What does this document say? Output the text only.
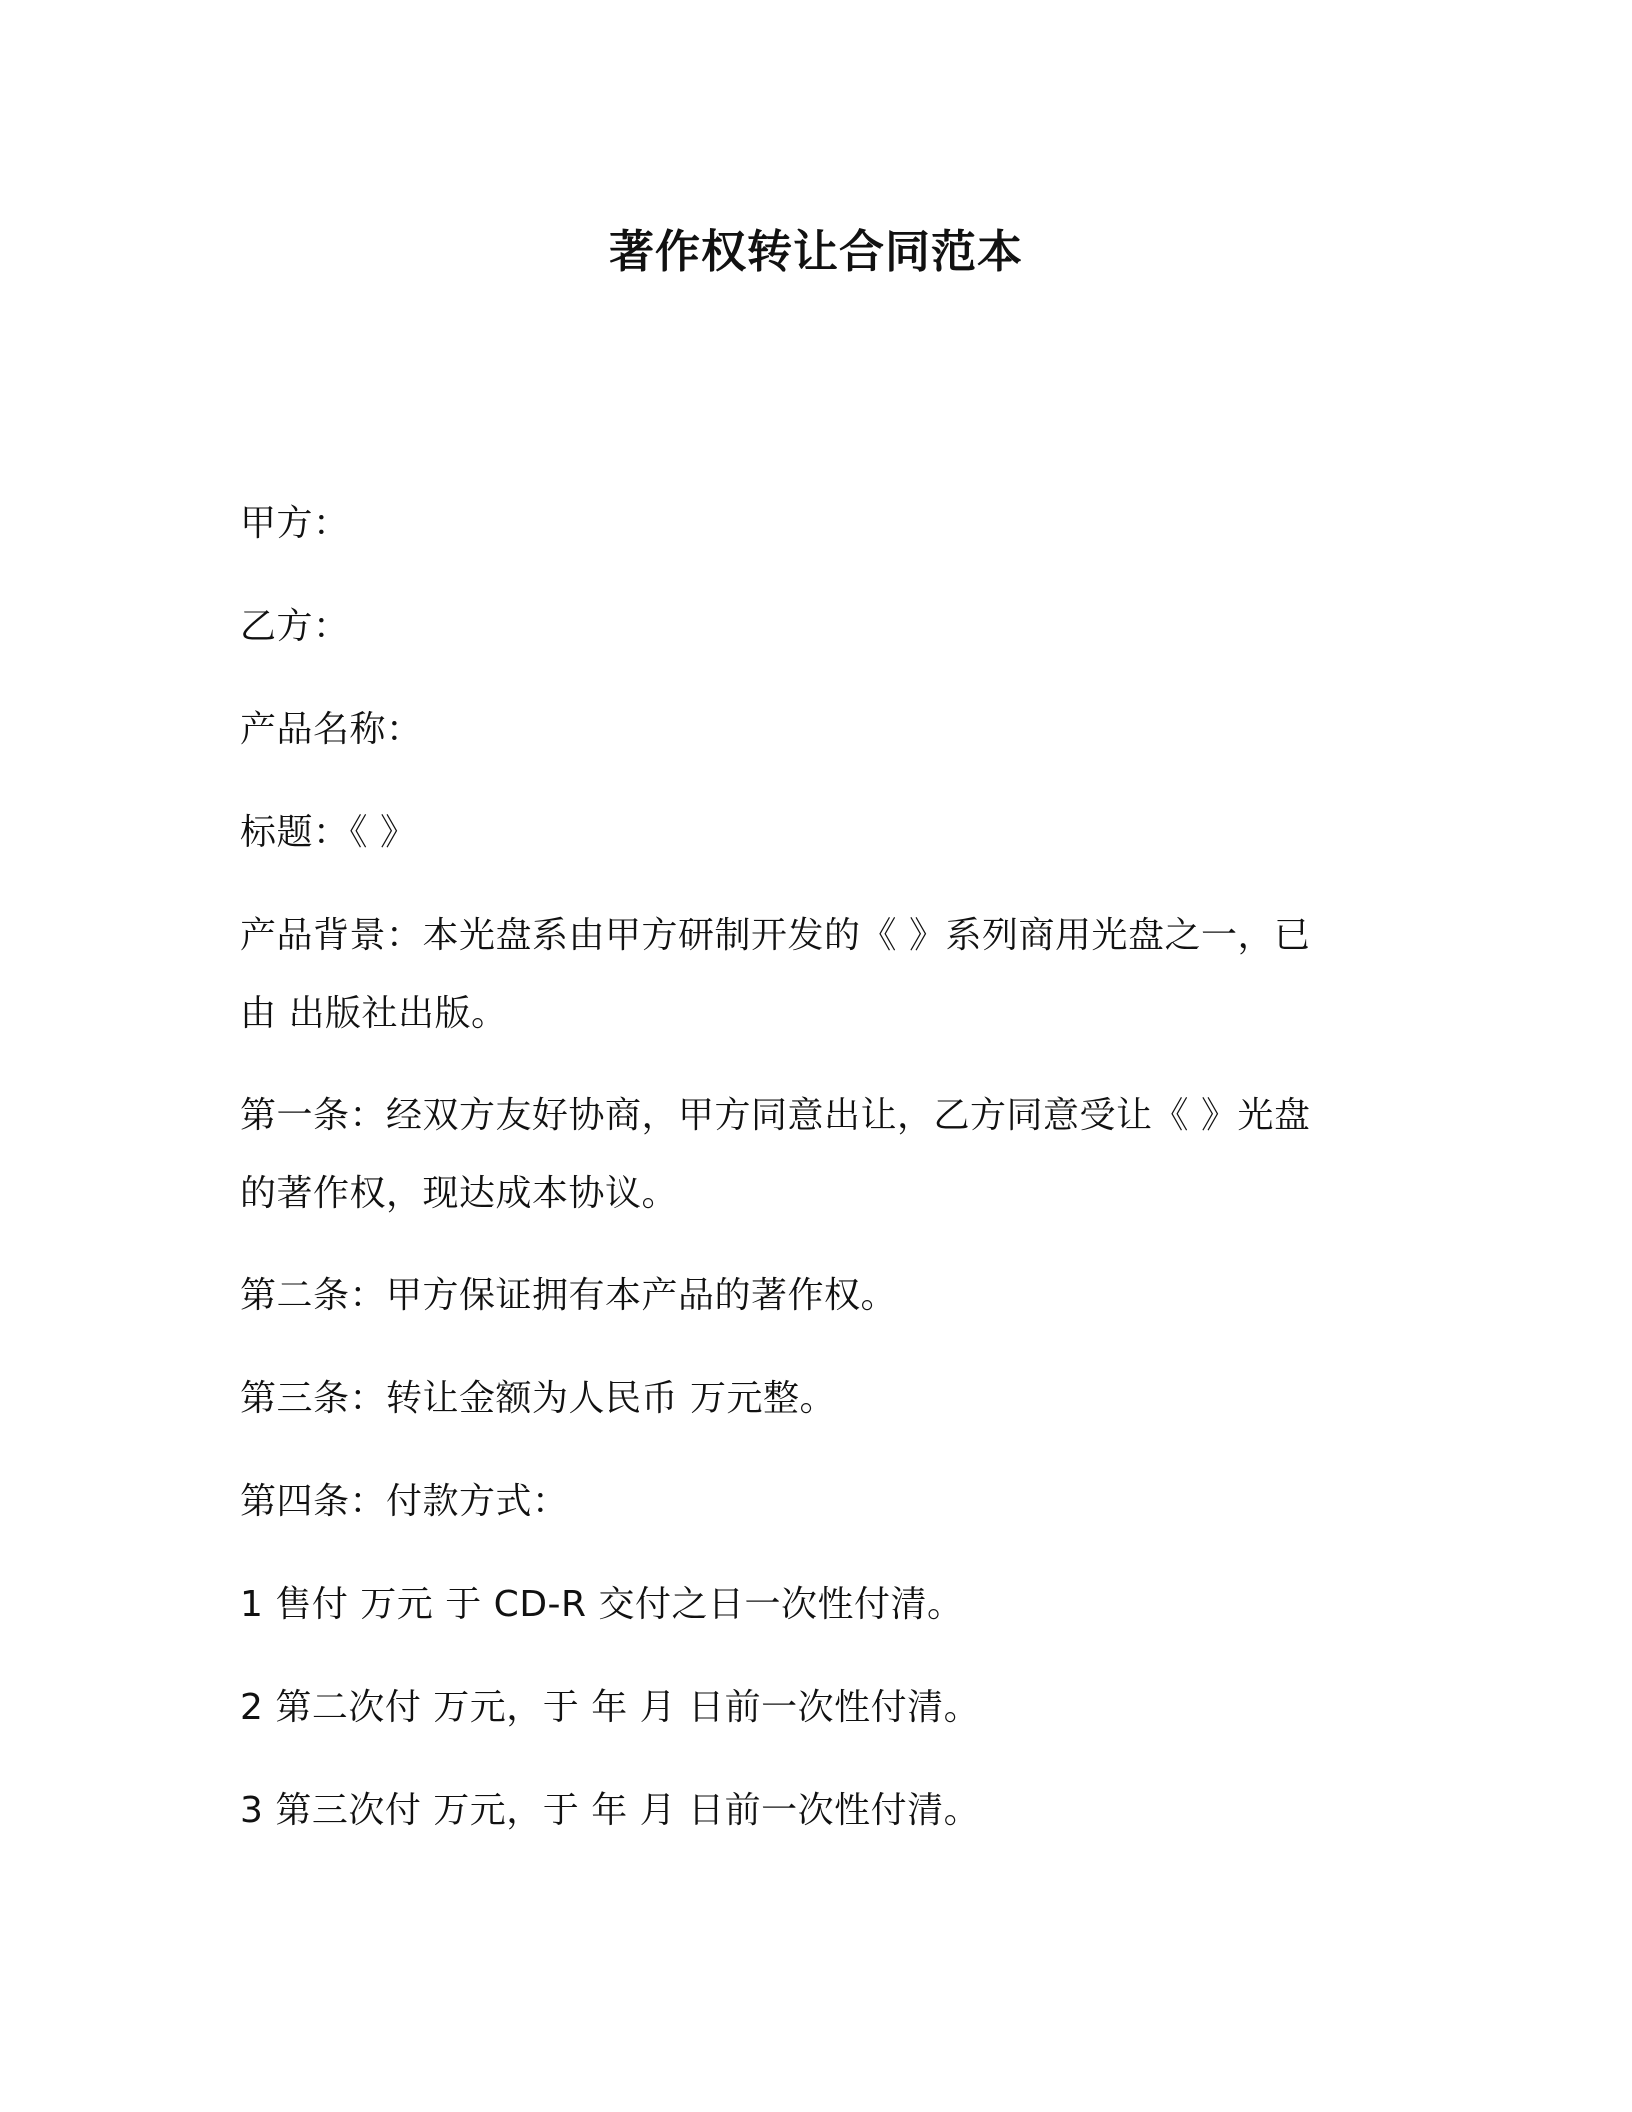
著作权转让合同范本
甲方：
乙方：
产品名称：
标题：《 》
产品背景：本光盘系由甲方研制开发的《 》系列商用光盘之一，已
由 出版社出版。
第一条：经双方友好协商，甲方同意出让，乙方同意受让《 》光盘
的著作权，现达成本协议。
第二条：甲方保证拥有本产品的著作权。
第三条：转让金额为人民币 万元整。
第四条：付款方式：
1 售付 万元 于 CD-R 交付之日一次性付清。
2 第二次付 万元，于 年 月 日前一次性付清。
3 第三次付 万元，于 年 月 日前一次性付清。
